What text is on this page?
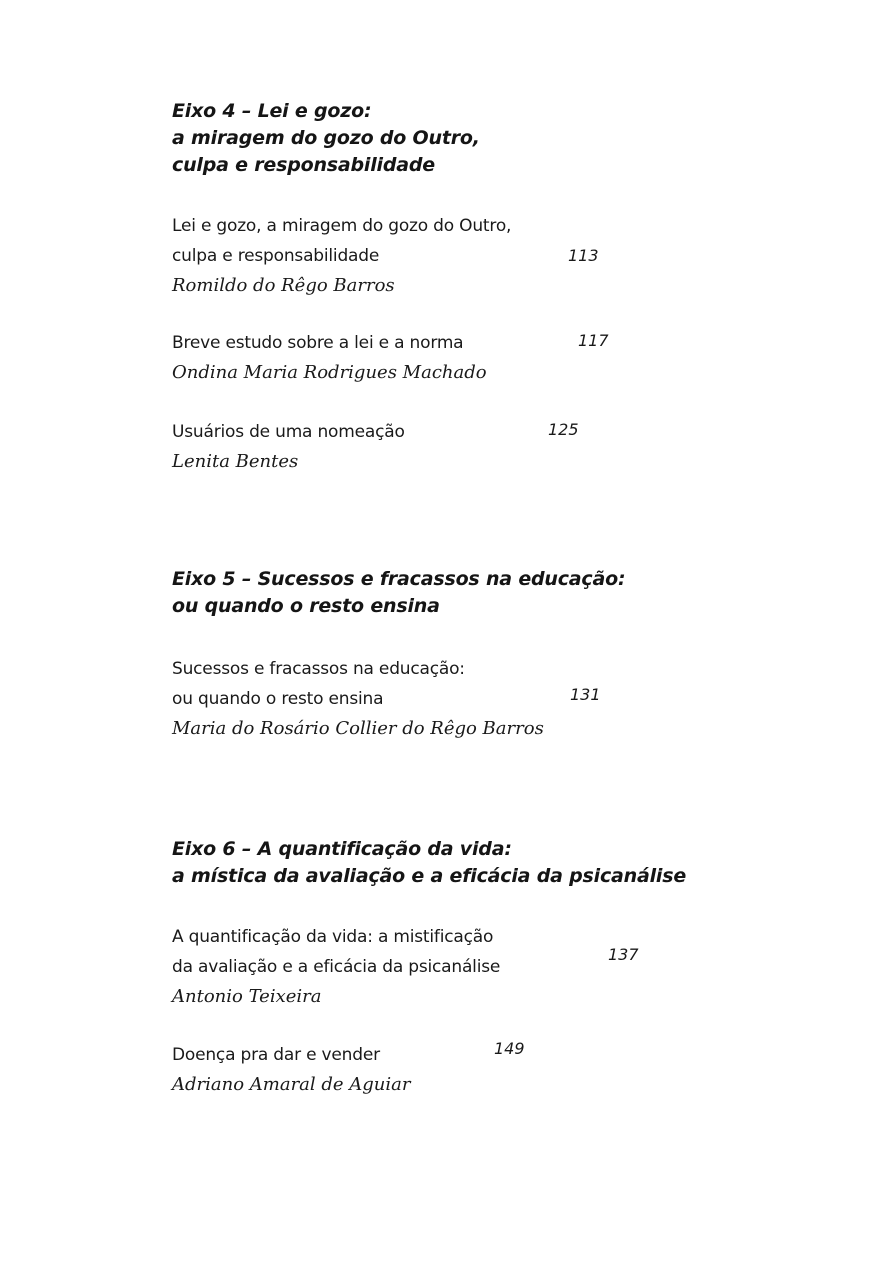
Eixo 4 – Lei e gozo:
a miragem do gozo do Outro,
culpa e responsabilidade
Lei e gozo, a miragem do gozo do Outro,
culpa e responsabilidade
Romildo do Rêgo Barros
113
Breve estudo sobre a lei e a norma
Ondina Maria Rodrigues Machado
117
Usuários de uma nomeação
Lenita Bentes
125
Eixo 5 – Sucessos e fracassos na educação:
ou quando o resto ensina
Sucessos e fracassos na educação:
ou quando o resto ensina
Maria do Rosário Collier do Rêgo Barros
131
Eixo 6 – A quantificação da vida:
a mística da avaliação e a eficácia da psicanálise
A quantificação da vida: a mistificação
da avaliação e a eficácia da psicanálise
Antonio Teixeira
137
Doença pra dar e vender
Adriano Amaral de Aguiar
149
